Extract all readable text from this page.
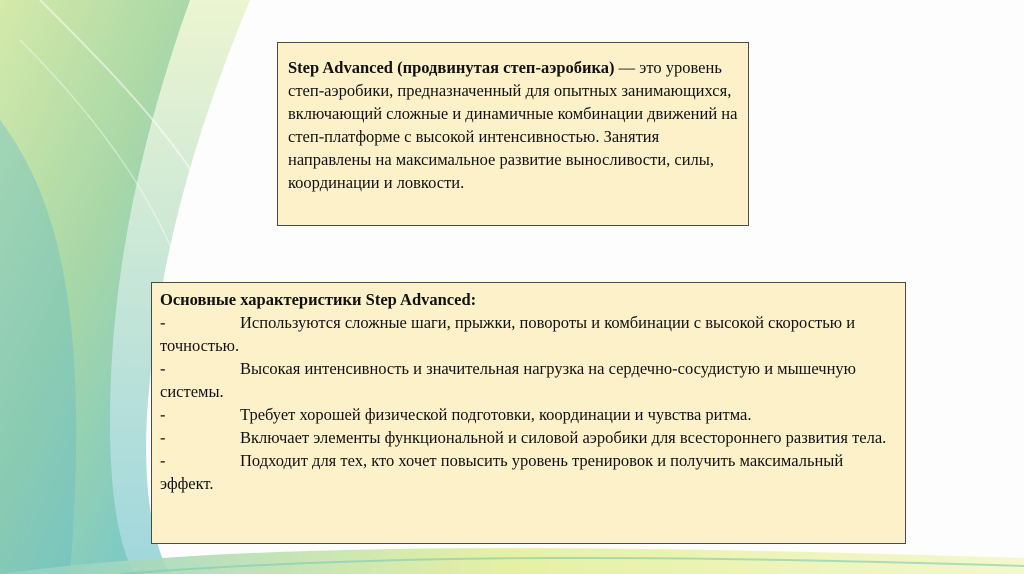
Step Advanced (продвинутая степ-аэробика) — это уровень степ-аэробики, предназначенный для опытных занимающихся, включающий сложные и динамичные комбинации движений на степ-платформе с высокой интенсивностью. Занятия направлены на максимальное развитие выносливости, силы, координации и ловкости.
Основные характеристики Step Advanced:
-	Используются сложные шаги, прыжки, повороты и комбинации с высокой скоростью и точностью.
-	Высокая интенсивность и значительная нагрузка на сердечно-сосудистую и мышечную системы.
-	Требует хорошей физической подготовки, координации и чувства ритма.
-	Включает элементы функциональной и силовой аэробики для всестороннего развития тела.
-	Подходит для тех, кто хочет повысить уровень тренировок и получить максимальный эффект.
